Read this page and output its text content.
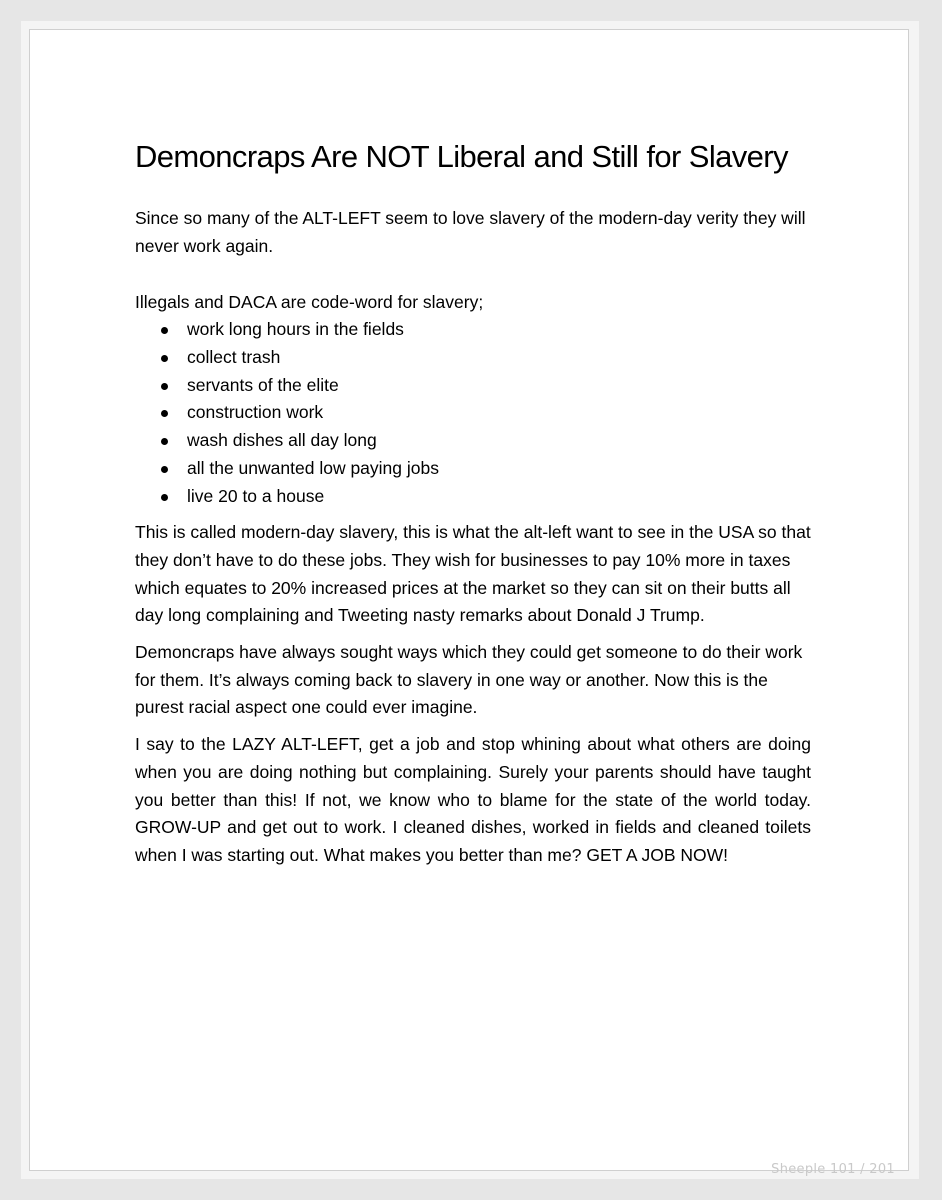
Demoncraps Are NOT Liberal and Still for Slavery

Since so many of the ALT-LEFT seem to love slavery of the modern-day verity they will never work again.

Illegals and DACA are code-word for slavery;

work long hours in the fields
collect trash
servants of the elite
construction work
wash dishes all day long
all the unwanted low paying jobs
live 20 to a house

This is called modern-day slavery, this is what the alt-left want to see in the USA so that they don’t have to do these jobs. They wish for businesses to pay 10% more in taxes which equates to 20% increased prices at the market so they can sit on their butts all day long complaining and Tweeting nasty remarks about Donald J Trump.

Demoncraps have always sought ways which they could get someone to do their work for them. It’s always coming back to slavery in one way or another. Now this is the purest racial aspect one could ever imagine.

I say to the LAZY ALT-LEFT, get a job and stop whining about what others are doing when you are doing nothing but complaining. Surely your parents should have taught you better than this! If not, we know who to blame for the state of the world today. GROW-UP and get out to work. I cleaned dishes, worked in fields and cleaned toilets when I was starting out. What makes you better than me? GET A JOB NOW!

Sheeple 101 / 201
